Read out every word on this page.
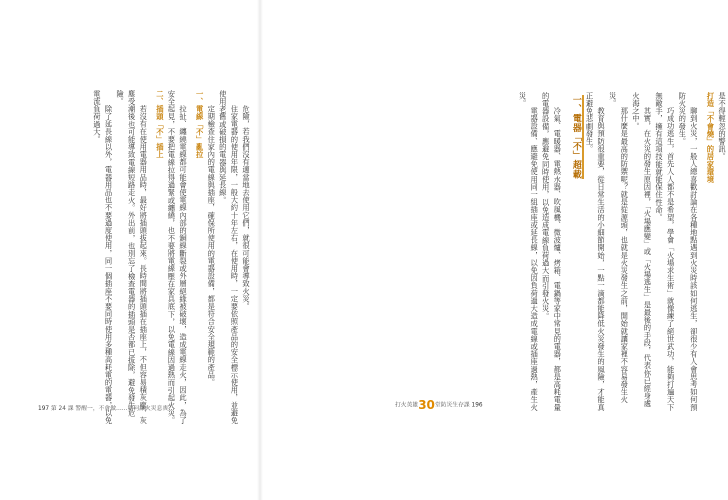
危險，若我們沒有適當地去使用它們，就很可能會導致火災。

住家電器的使用年限，一般大約十年左右，在使用時，一定要依照產品的安全標示使用，並避免使用老舊或破損的電器與延長線。

定期檢查住家內的電線與插座，確保所使用的電器設備，都是符合安全規範的產品。

一、電線「不」亂拉

拉扯、纏繞電線都可能會使電線內部的銅線斷裂或外層絕緣被破壞，造成電線走火，因此，為了安全起見，不要把電線拉得過緊或纏繞，也不要將電線壓在家具底下，以免電線因過熱而引起火災。

二、插頭「不」插上

若沒有在使用電器用品時，最好將插頭拔起來。長時間將插頭插在插座上，不但容易積灰塵，灰塵受潮後也可能導致電線短路走火。外出前，也別忘了檢查電器的插頭是否都已拔除，避免發生危險。

除了延長線以外，電器用品也不要過度使用，同一個插座不要同時使用多種高耗電的電器，以免電流負荷過大。

197 第 24 課 警醒一，不會做……如何讓火災息喪？

是不得輕忽的警訊。

打造「不會燒」的居家環境

聊到火災，一般人總喜歡討論在各種地點遇到火災時該如何逃生，卻很少有人會思考如何預防火災的發生。

巧成功逃生，首先人人都不是希望，學會「火場求生術」就像練了絕世武功，能夠打遍天下無敵手，擁有這項技能就能保住性命。

其實，在火災的發生原因裡，「火場應變」或「火場逃生」是最後的手段，代表你已經身處火海之中。

那什麼是最高的防禦呢？就是從源頭，也就是火災發生之前，開始就讓家裡不容易發生火災。

教育與預防很重要，從日常生活的小細節開始，一點一滴都能降低火災發生的風險，才能真正避免悲劇發生。

一、電器「不」超載

冷氣、電暖器、電熱水器、吹風機、微波爐、烤箱、電鍋等家中常見的電器，都是高耗電量的電器設備，應避免同時使用，以免造成電線負荷過大而引發火災。

電器設備、應避免使用同一組插座或延長線，以免因負荷過大造成電線或插座過熱，產生火災。

打火英雄30堂防災生存課 196
